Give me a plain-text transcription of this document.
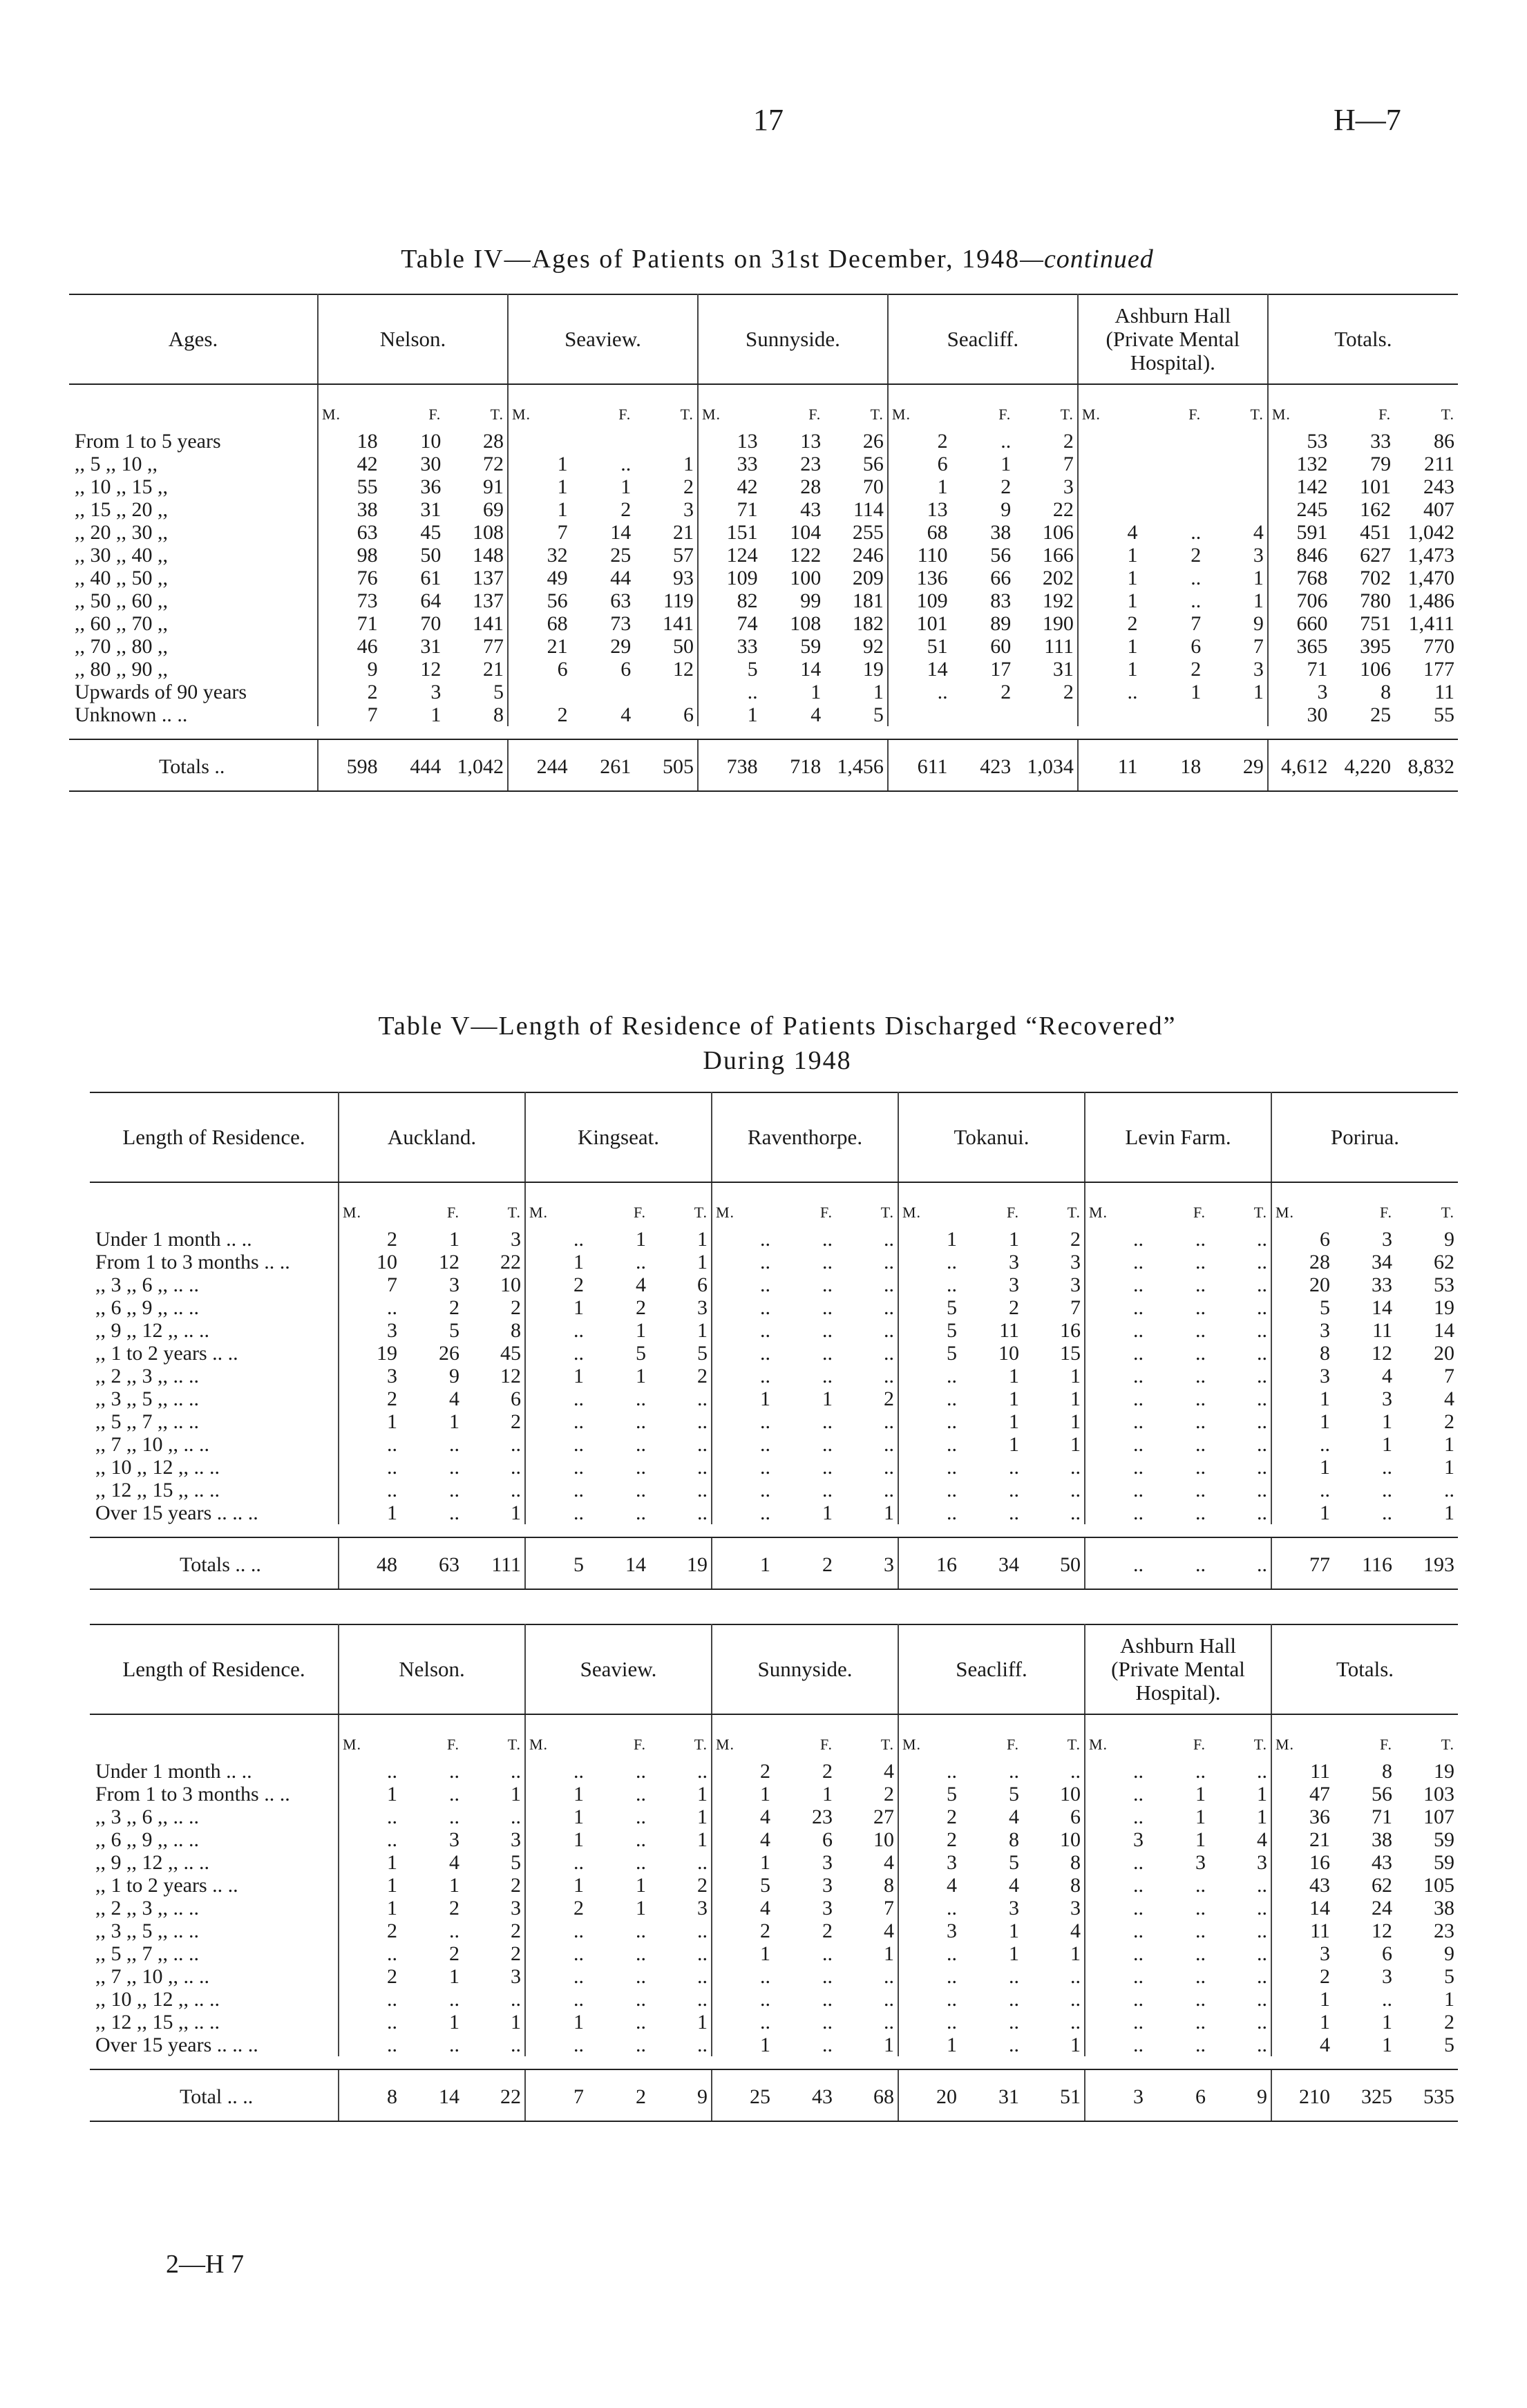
17	H—7
Table IV—Ages of Patients on 31st December, 1948—continued
Ages.	Nelson.			Seaview.			Sunnyside.			Seacliff.			Ashburn Hall (Private Mental Hospital).			Totals.		
	M.	F.	T.	M.	F.	T.	M.	F.	T.	M.	F.	T.	M.	F.	T.	M.	F.	T.
From 1 to 5 years	18	10	28				13	13	26	2	..	2				53	33	86
,, 5 ,, 10 ,,	42	30	72	1	..	1	33	23	56	6	1	7				132	79	211
,, 10 ,, 15 ,,	55	36	91	1	1	2	42	28	70	1	2	3				142	101	243
,, 15 ,, 20 ,,	38	31	69	1	2	3	71	43	114	13	9	22				245	162	407
,, 20 ,, 30 ,,	63	45	108	7	14	21	151	104	255	68	38	106	4	..	4	591	451	1,042
,, 30 ,, 40 ,,	98	50	148	32	25	57	124	122	246	110	56	166	1	2	3	846	627	1,473
,, 40 ,, 50 ,,	76	61	137	49	44	93	109	100	209	136	66	202	1	..	1	768	702	1,470
,, 50 ,, 60 ,,	73	64	137	56	63	119	82	99	181	109	83	192	1	..	1	706	780	1,486
,, 60 ,, 70 ,,	71	70	141	68	73	141	74	108	182	101	89	190	2	7	9	660	751	1,411
,, 70 ,, 80 ,,	46	31	77	21	29	50	33	59	92	51	60	111	1	6	7	365	395	770
,, 80 ,, 90 ,,	9	12	21	6	6	12	5	14	19	14	17	31	1	2	3	71	106	177
Upwards of 90 years	2	3	5				..	1	1	..	2	2	..	1	1	3	8	11
Unknown .. ..	7	1	8	2	4	6	1	4	5							30	25	55

Totals ..	598	444	1,042	244	261	505	738	718	1,456	611	423	1,034	11	18	29	4,612	4,220	8,832
Table V—Length of Residence of Patients Discharged “Recovered”
During 1948
Length of Residence.	Auckland.			Kingseat.			Raventhorpe.			Tokanui.			Levin Farm.			Porirua.		
	M.	F.	T.	M.	F.	T.	M.	F.	T.	M.	F.	T.	M.	F.	T.	M.	F.	T.
Under 1 month .. ..	2	1	3	..	1	1	..	..	..	1	1	2	..	..	..	6	3	9
From 1 to 3 months .. ..	10	12	22	1	..	1	..	..	..	..	3	3	..	..	..	28	34	62
,, 3 ,, 6 ,, .. ..	7	3	10	2	4	6	..	..	..	..	3	3	..	..	..	20	33	53
,, 6 ,, 9 ,, .. ..	..	2	2	1	2	3	..	..	..	5	2	7	..	..	..	5	14	19
,, 9 ,, 12 ,, .. ..	3	5	8	..	1	1	..	..	..	5	11	16	..	..	..	3	11	14
,, 1 to 2 years .. ..	19	26	45	..	5	5	..	..	..	5	10	15	..	..	..	8	12	20
,, 2 ,, 3 ,, .. ..	3	9	12	1	1	2	..	..	..	..	1	1	..	..	..	3	4	7
,, 3 ,, 5 ,, .. ..	2	4	6	..	..	..	1	1	2	..	1	1	..	..	..	1	3	4
,, 5 ,, 7 ,, .. ..	1	1	2	..	..	..	..	..	..	..	1	1	..	..	..	1	1	2
,, 7 ,, 10 ,, .. ..	..	..	..	..	..	..	..	..	..	..	1	1	..	..	..	..	1	1
,, 10 ,, 12 ,, .. ..	..	..	..	..	..	..	..	..	..	..	..	..	..	..	..	1	..	1
,, 12 ,, 15 ,, .. ..	..	..	..	..	..	..	..	..	..	..	..	..	..	..	..	..	..	..
Over 15 years .. .. ..	1	..	1	..	..	..	..	1	1	..	..	..	..	..	..	1	..	1

Totals .. ..	48	63	111	5	14	19	1	2	3	16	34	50	..	..	..	77	116	193
Length of Residence.	Nelson.			Seaview.			Sunnyside.			Seacliff.			Ashburn Hall (Private Mental Hospital).			Totals.		
	M.	F.	T.	M.	F.	T.	M.	F.	T.	M.	F.	T.	M.	F.	T.	M.	F.	T.
Under 1 month .. ..	..	..	..	..	..	..	2	2	4	..	..	..	..	..	..	11	8	19
From 1 to 3 months .. ..	1	..	1	1	..	1	1	1	2	5	5	10	..	1	1	47	56	103
,, 3 ,, 6 ,, .. ..	..	..	..	1	..	1	4	23	27	2	4	6	..	1	1	36	71	107
,, 6 ,, 9 ,, .. ..	..	3	3	1	..	1	4	6	10	2	8	10	3	1	4	21	38	59
,, 9 ,, 12 ,, .. ..	1	4	5	..	..	..	1	3	4	3	5	8	..	3	3	16	43	59
,, 1 to 2 years .. ..	1	1	2	1	1	2	5	3	8	4	4	8	..	..	..	43	62	105
,, 2 ,, 3 ,, .. ..	1	2	3	2	1	3	4	3	7	..	3	3	..	..	..	14	24	38
,, 3 ,, 5 ,, .. ..	2	..	2	..	..	..	2	2	4	3	1	4	..	..	..	11	12	23
,, 5 ,, 7 ,, .. ..	..	2	2	..	..	..	1	..	1	..	1	1	..	..	..	3	6	9
,, 7 ,, 10 ,, .. ..	2	1	3	..	..	..	..	..	..	..	..	..	..	..	..	2	3	5
,, 10 ,, 12 ,, .. ..	..	..	..	..	..	..	..	..	..	..	..	..	..	..	..	1	..	1
,, 12 ,, 15 ,, .. ..	..	1	1	1	..	1	..	..	..	..	..	..	..	..	..	1	1	2
Over 15 years .. .. ..	..	..	..	..	..	..	1	..	1	1	..	1	..	..	..	4	1	5

Total .. ..	8	14	22	7	2	9	25	43	68	20	31	51	3	6	9	210	325	535
2—H 7
